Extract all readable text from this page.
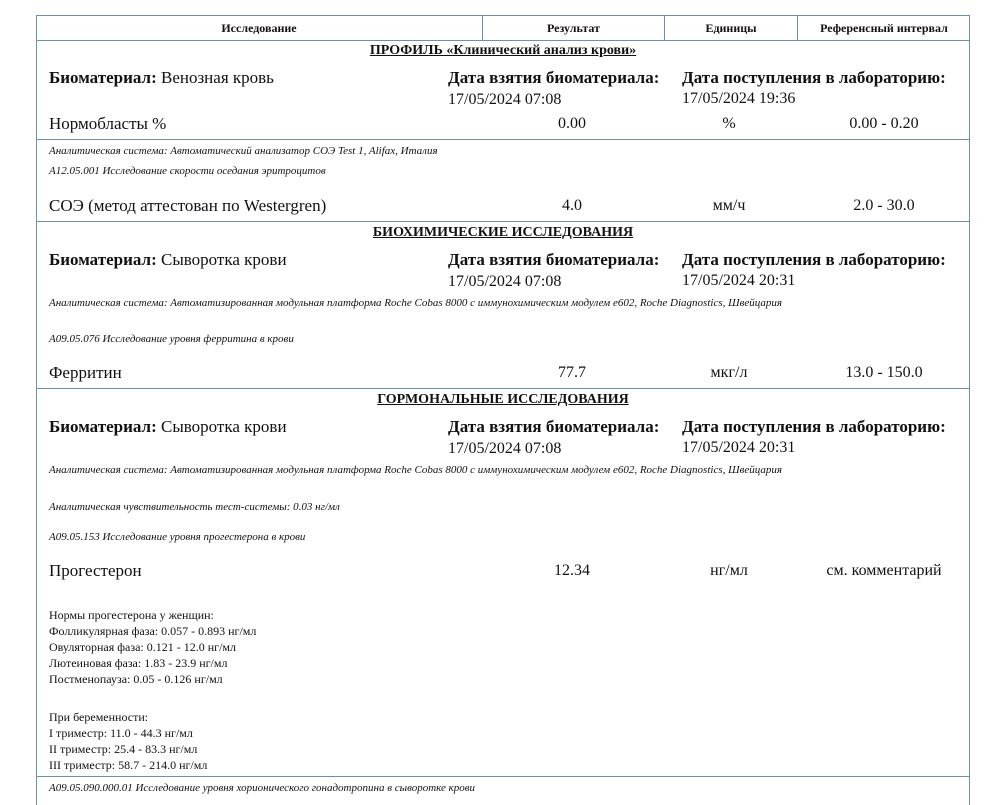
Исследование	Результат	Единицы	Референсный интервал
ПРОФИЛЬ «Клинический анализ крови»
Биоматериал: Венозная кровь	Дата взятия биоматериала:
17/05/2024 07:08
Дата поступления в лабораторию:
17/05/2024 19:36
Нормобласты %	0.00	%	0.00 - 0.20
Аналитическая система: Автоматический анализатор СОЭ Test 1, Alifax, Италия
A12.05.001 Исследование скорости оседания эритроцитов
СОЭ (метод аттестован по Westergren)	4.0	мм/ч	2.0 - 30.0
БИОХИМИЧЕСКИЕ ИССЛЕДОВАНИЯ
Биоматериал: Сыворотка крови	Дата взятия биоматериала:
17/05/2024 07:08
Дата поступления в лабораторию:
17/05/2024 20:31
Аналитическая система: Автоматизированная модульная платформа Roche Cobas 8000 с иммунохимическим модулем е602, Roche Diagnostics, Швейцария
A09.05.076 Исследование уровня ферритина в крови
Ферритин	77.7	мкг/л	13.0 - 150.0
ГОРМОНАЛЬНЫЕ ИССЛЕДОВАНИЯ
Биоматериал: Сыворотка крови	Дата взятия биоматериала:
17/05/2024 07:08
Дата поступления в лабораторию:
17/05/2024 20:31
Аналитическая система: Автоматизированная модульная платформа Roche Cobas 8000 с иммунохимическим модулем е602, Roche Diagnostics, Швейцария
Аналитическая чувствительность тест-системы: 0.03 нг/мл
A09.05.153 Исследование уровня прогестерона в крови
Прогестерон	12.34	нг/мл	см. комментарий
Нормы прогестерона у женщин:
Фолликулярная фаза: 0.057 - 0.893 нг/мл
Овуляторная фаза: 0.121 - 12.0 нг/мл
Лютеиновая фаза: 1.83 - 23.9 нг/мл
Постменопауза: 0.05 - 0.126 нг/мл
При беременности:
I триместр: 11.0 - 44.3 нг/мл
II триместр: 25.4 - 83.3 нг/мл
III триместр: 58.7 - 214.0 нг/мл
A09.05.090.000.01 Исследование уровня хорионического гонадотропина в сыворотке крови
